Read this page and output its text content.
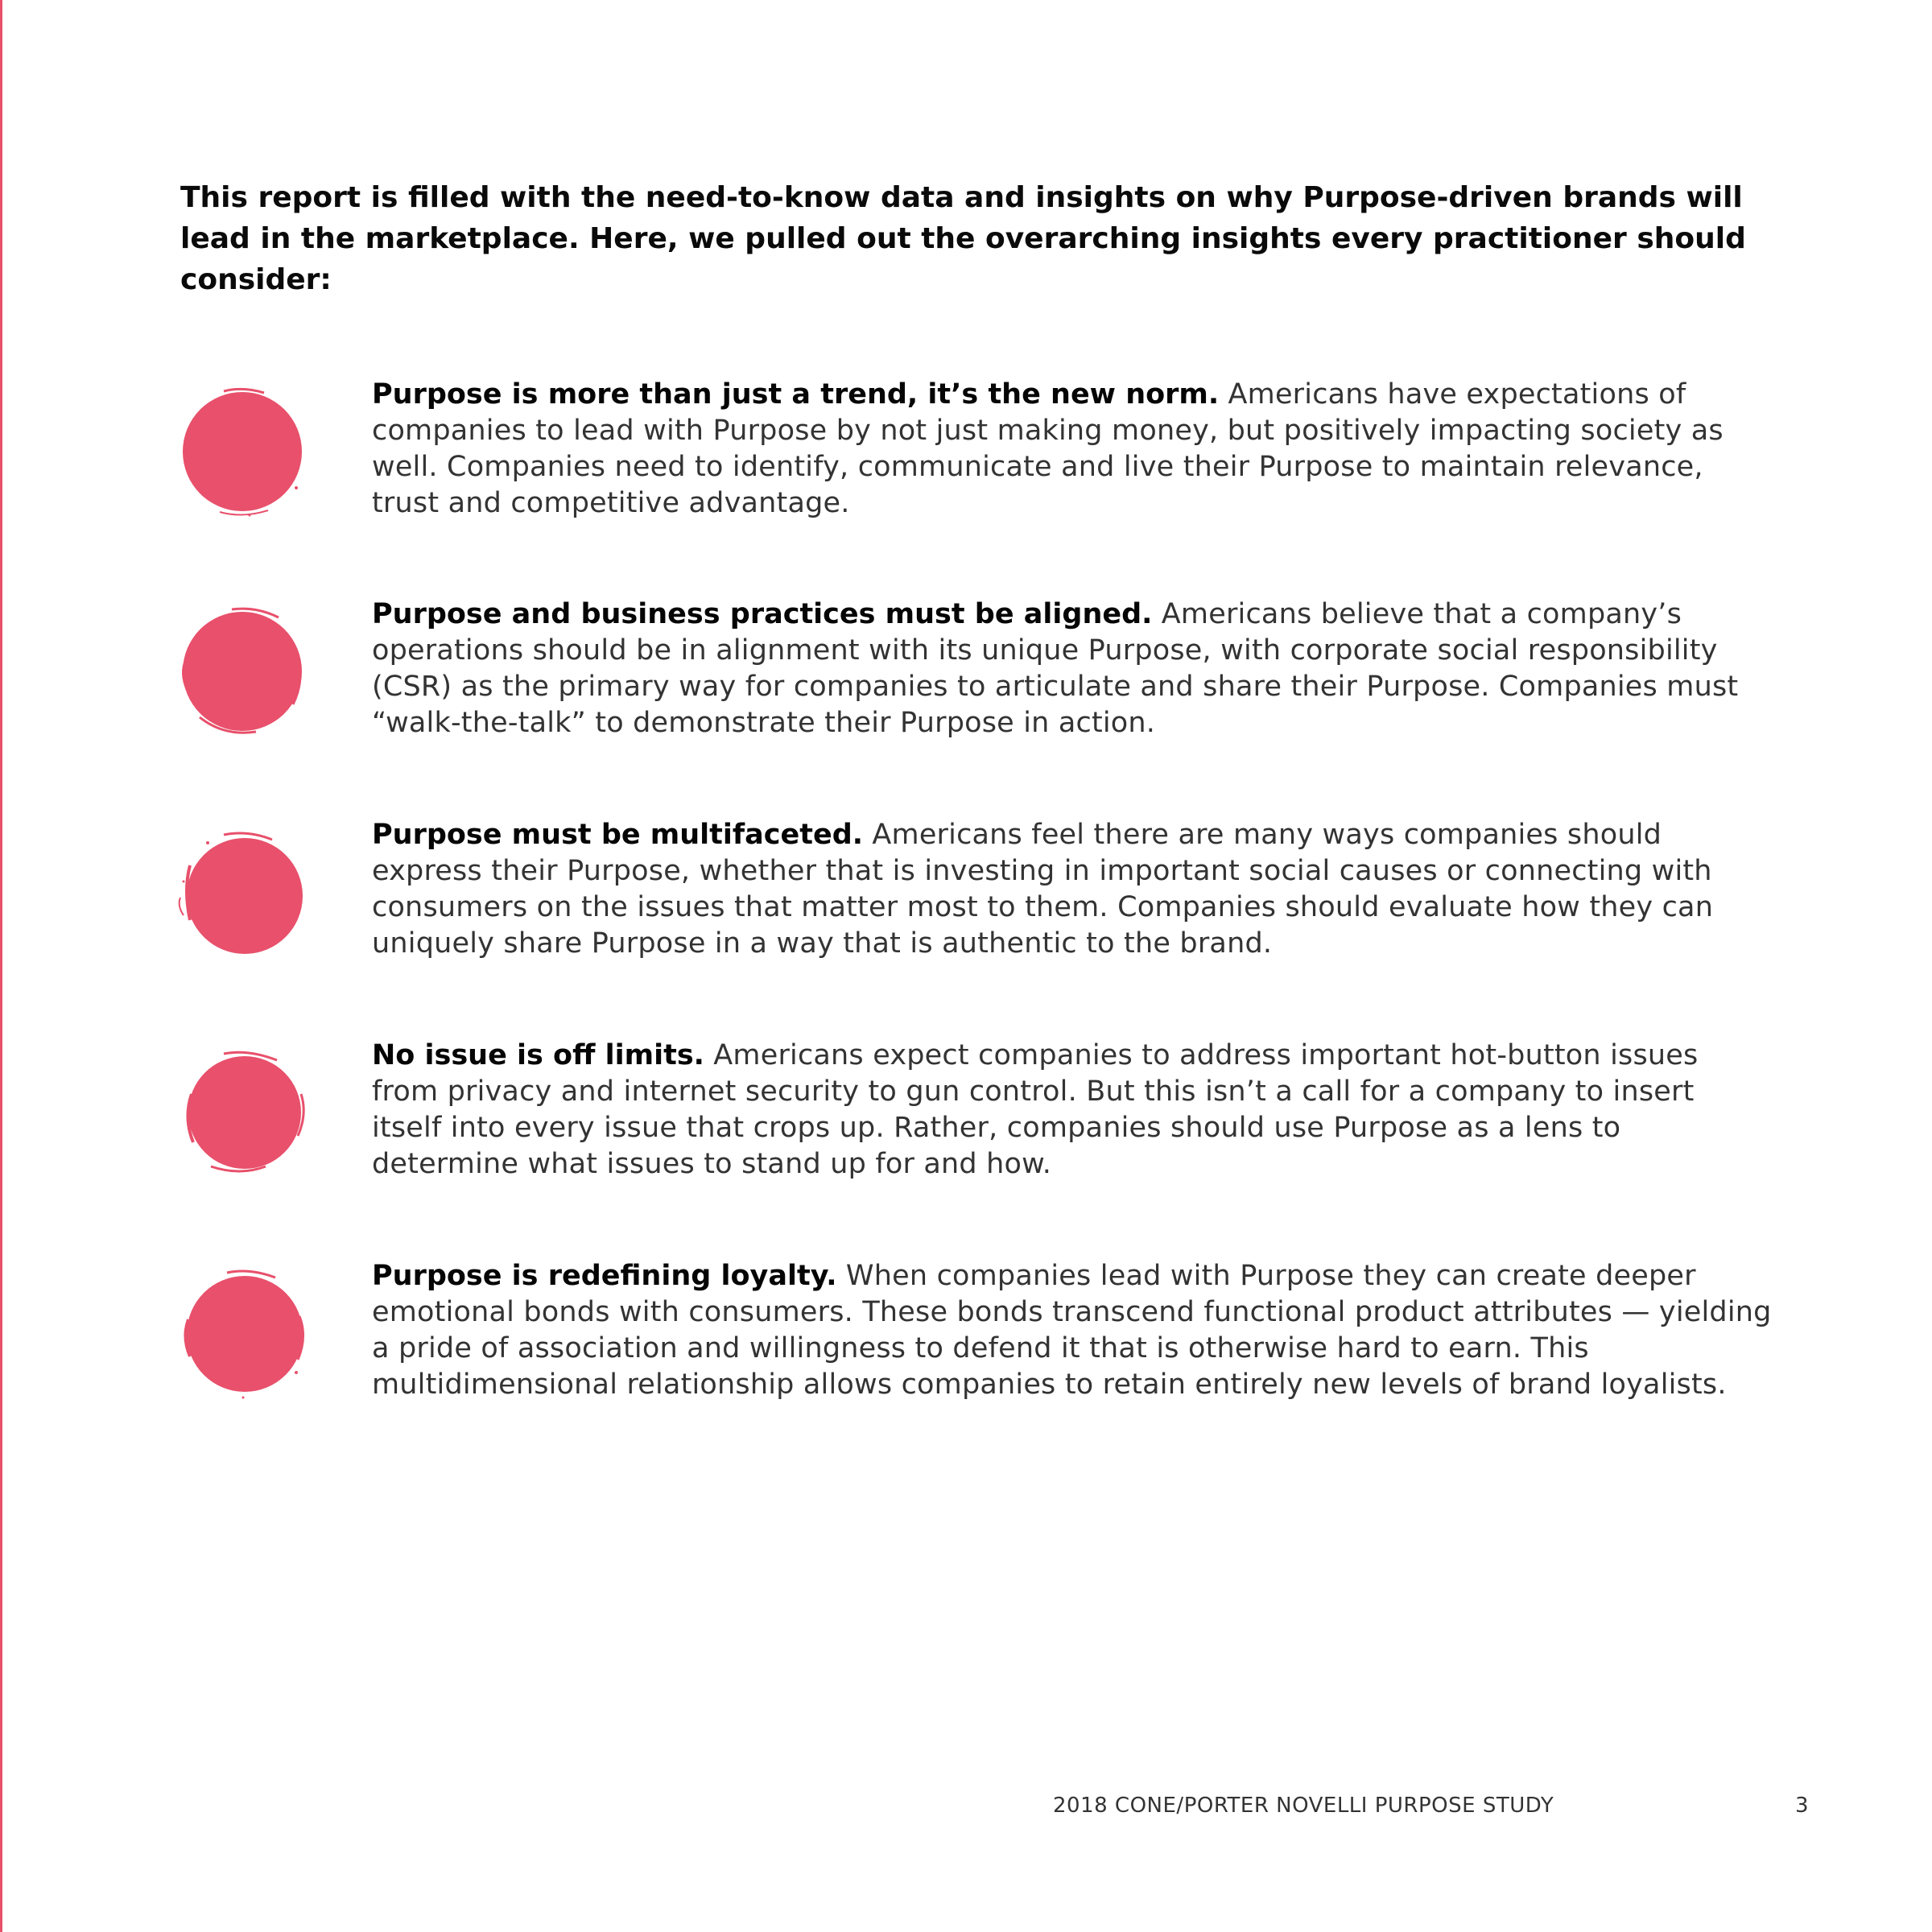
This report is filled with the need-to-know data and insights on why Purpose-driven brands will lead in the marketplace. Here, we pulled out the overarching insights every practitioner should consider:

Purpose is more than just a trend, it’s the new norm. Americans have expectations of companies to lead with Purpose by not just making money, but positively impacting society as well. Companies need to identify, communicate and live their Purpose to maintain relevance, trust and competitive advantage.

Purpose and business practices must be aligned. Americans believe that a company’s operations should be in alignment with its unique Purpose, with corporate social responsibility (CSR) as the primary way for companies to articulate and share their Purpose. Companies must “walk-the-talk” to demonstrate their Purpose in action.

Purpose must be multifaceted. Americans feel there are many ways companies should express their Purpose, whether that is investing in important social causes or connecting with consumers on the issues that matter most to them. Companies should evaluate how they can uniquely share Purpose in a way that is authentic to the brand.

No issue is off limits. Americans expect companies to address important hot-button issues from privacy and internet security to gun control. But this isn’t a call for a company to insert itself into every issue that crops up. Rather, companies should use Purpose as a lens to determine what issues to stand up for and how.

Purpose is redefining loyalty. When companies lead with Purpose they can create deeper emotional bonds with consumers. These bonds transcend functional product attributes — yielding a pride of association and willingness to defend it that is otherwise hard to earn. This multidimensional relationship allows companies to retain entirely new levels of brand loyalists.

2018 CONE/PORTER NOVELLI PURPOSE STUDY	3
